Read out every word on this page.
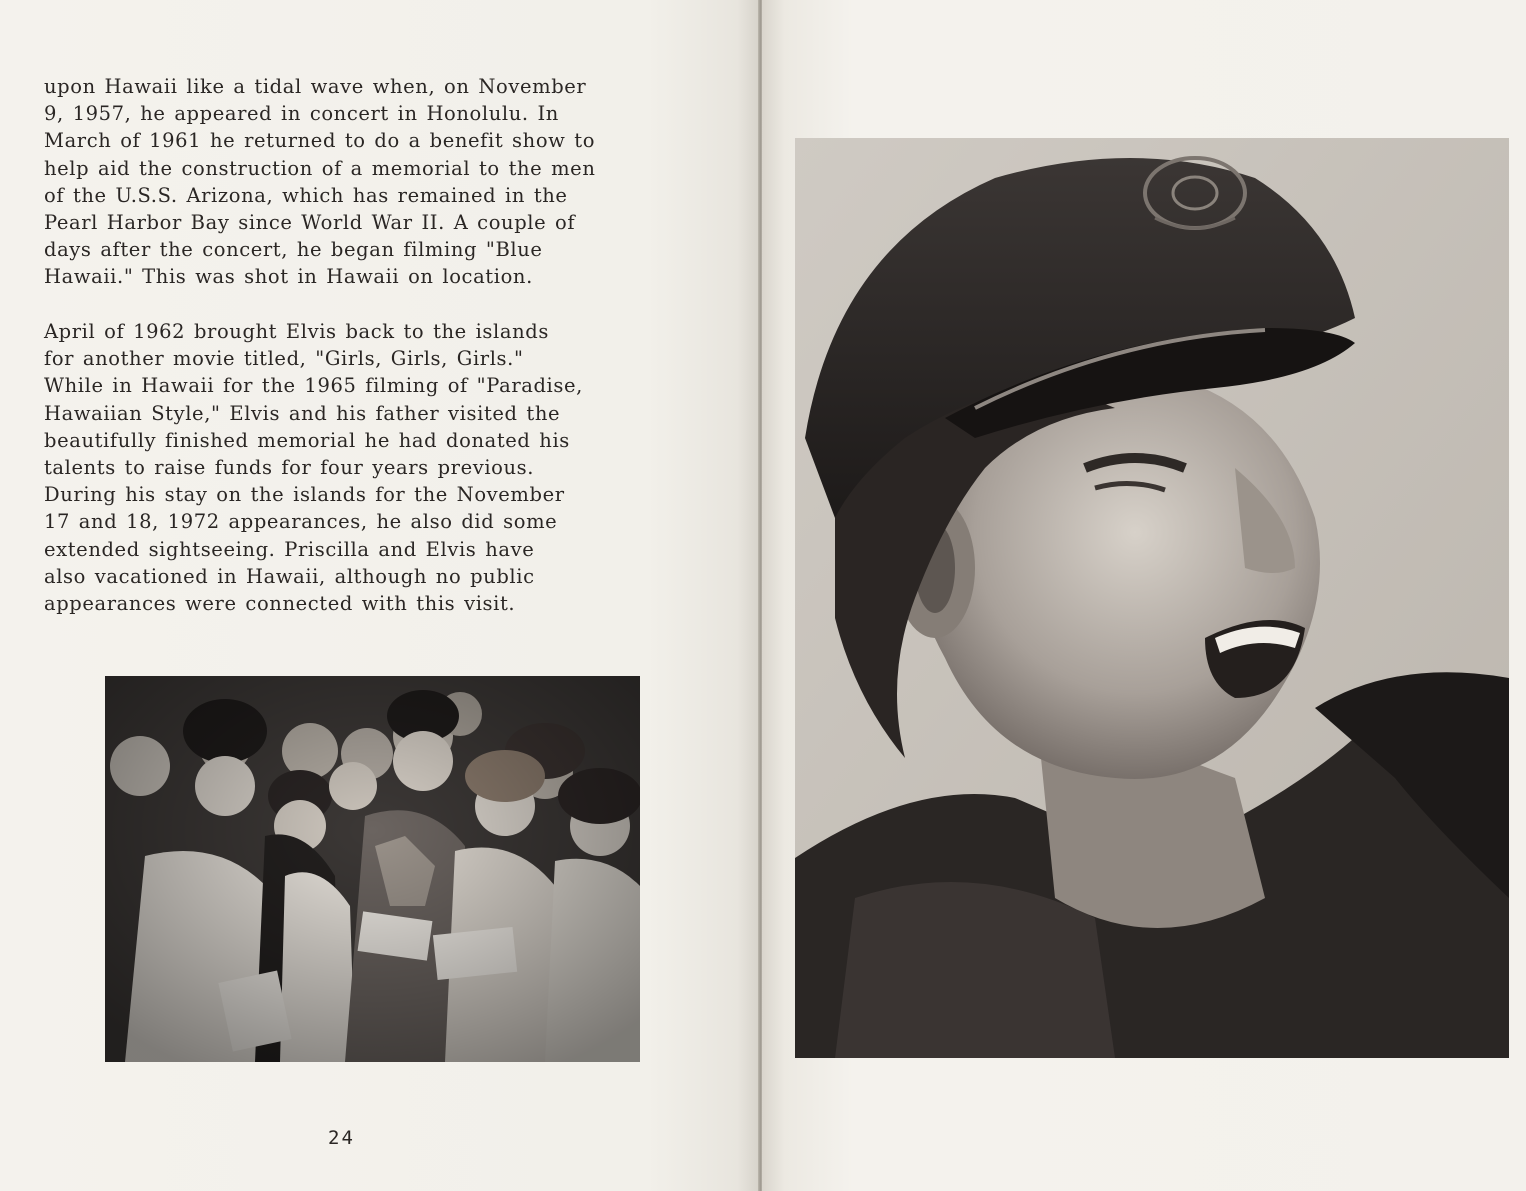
upon Hawaii like a tidal wave when, on November
9, 1957, he appeared in concert in Honolulu. In
March of 1961 he returned to do a benefit show to
help aid the construction of a memorial to the men
of the U.S.S. Arizona, which has remained in the
Pearl Harbor Bay since World War II. A couple of
days after the concert, he began filming "Blue
Hawaii." This was shot in Hawaii on location.

April of 1962 brought Elvis back to the islands
for another movie titled, "Girls, Girls, Girls."
While in Hawaii for the 1965 filming of "Paradise,
Hawaiian Style," Elvis and his father visited the
beautifully finished memorial he had donated his
talents to raise funds for four years previous.
During his stay on the islands for the November
17 and 18, 1972 appearances, he also did some
extended sightseeing. Priscilla and Elvis have
also vacationed in Hawaii, although no public
appearances were connected with this visit.

24
